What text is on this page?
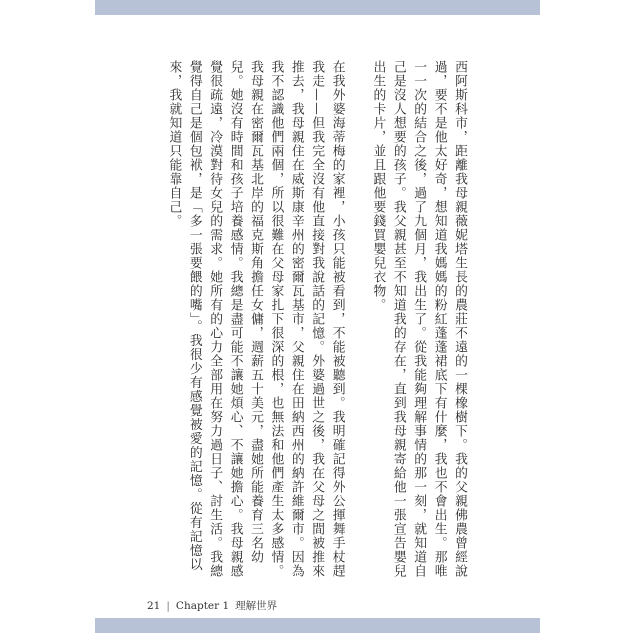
西阿斯科市，距離我母親薇妮塔生長的農莊不遠的一棵橡樹下。我的父親佛農曾經說
過，要不是他太好奇，想知道我媽媽的粉紅蓬蓬裙底下有什麼，我也不會出生。那唯
一一次的結合之後，過了九個月，我出生了。從我能夠理解事情的那一刻，就知道自
己是沒人想要的孩子。我父親甚至不知道我的存在，直到我母親寄給他一張宣告嬰兒
出生的卡片，並且跟他要錢買嬰兒衣物。
在我外婆海蒂梅的家裡，小孩只能被看到，不能被聽到。我明確記得外公揮舞手杖趕
我走——但我完全沒有他直接對我說話的記憶。外婆過世之後，我在父母之間被推來
推去，我母親住在威斯康辛州的密爾瓦基市，父親住在田納西州的納許維爾市。因為
我不認識他們兩個，所以很難在父母家扎下很深的根，也無法和他們產生太多感情。
我母親在密爾瓦基北岸的福克斯角擔任女傭，週薪五十美元，盡她所能養育三名幼
兒。她沒有時間和孩子培養感情。我總是盡可能不讓她煩心、不讓她擔心。我母親感
覺很疏遠，冷漠對待女兒的需求。她所有的心力全部用在努力過日子、討生活。我總
覺得自己是個包袱，是「多一張要餵的嘴」。我很少有感覺被愛的記憶。從有記憶以
來，我就知道只能靠自己。
21 | Chapter 1 理解世界
